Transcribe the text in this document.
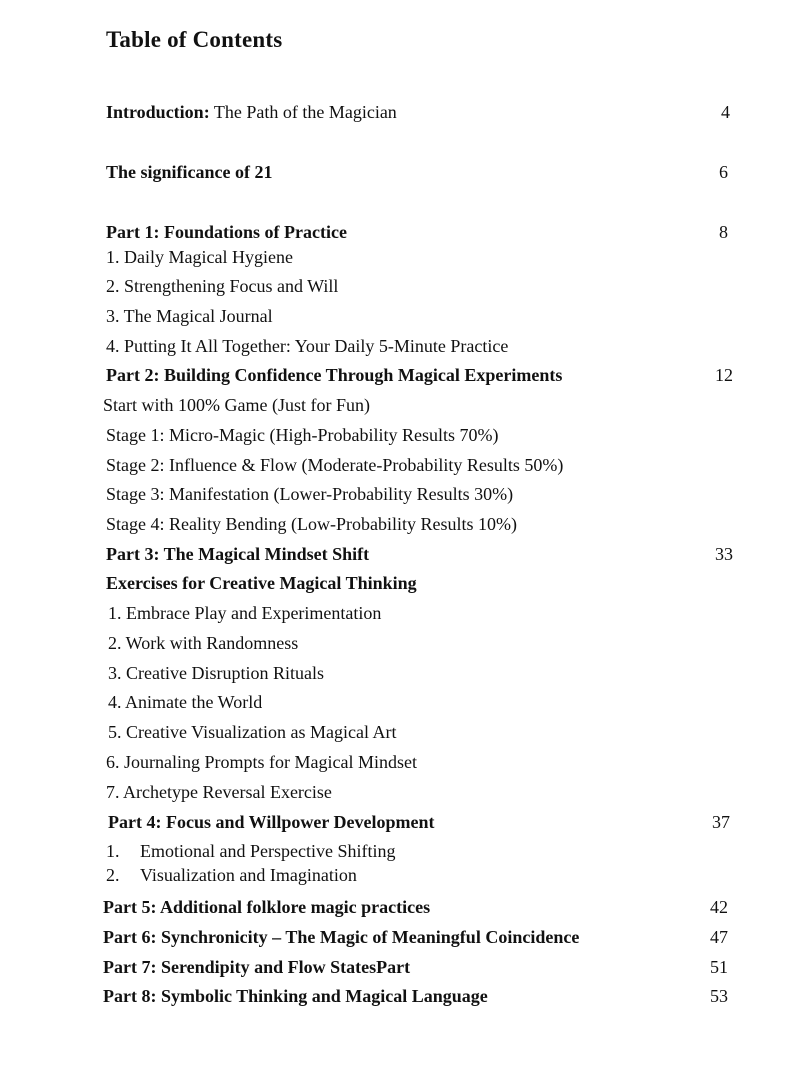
Table of Contents
Introduction: The Path of the Magician	4
The significance of 21	6
Part 1: Foundations of Practice	8
1. Daily Magical Hygiene
2. Strengthening Focus and Will
3. The Magical Journal
4. Putting It All Together: Your Daily 5-Minute Practice
Part 2: Building Confidence Through Magical Experiments	12
Start with 100% Game (Just for Fun)
Stage 1: Micro-Magic (High-Probability Results 70%)
Stage 2: Influence & Flow (Moderate-Probability Results 50%)
Stage 3: Manifestation (Lower-Probability Results 30%)
Stage 4: Reality Bending (Low-Probability Results 10%)
Part 3: The Magical Mindset Shift	33
Exercises for Creative Magical Thinking
1. Embrace Play and Experimentation
2. Work with Randomness
3. Creative Disruption Rituals
4. Animate the World
5. Creative Visualization as Magical Art
6. Journaling Prompts for Magical Mindset
7. Archetype Reversal Exercise
Part 4: Focus and Willpower Development	37
1. Emotional and Perspective Shifting
2. Visualization and Imagination
Part 5: Additional folklore magic practices	42
Part 6: Synchronicity – The Magic of Meaningful Coincidence	47
Part 7: Serendipity and Flow StatesPart	51
Part 8: Symbolic Thinking and Magical Language	53
